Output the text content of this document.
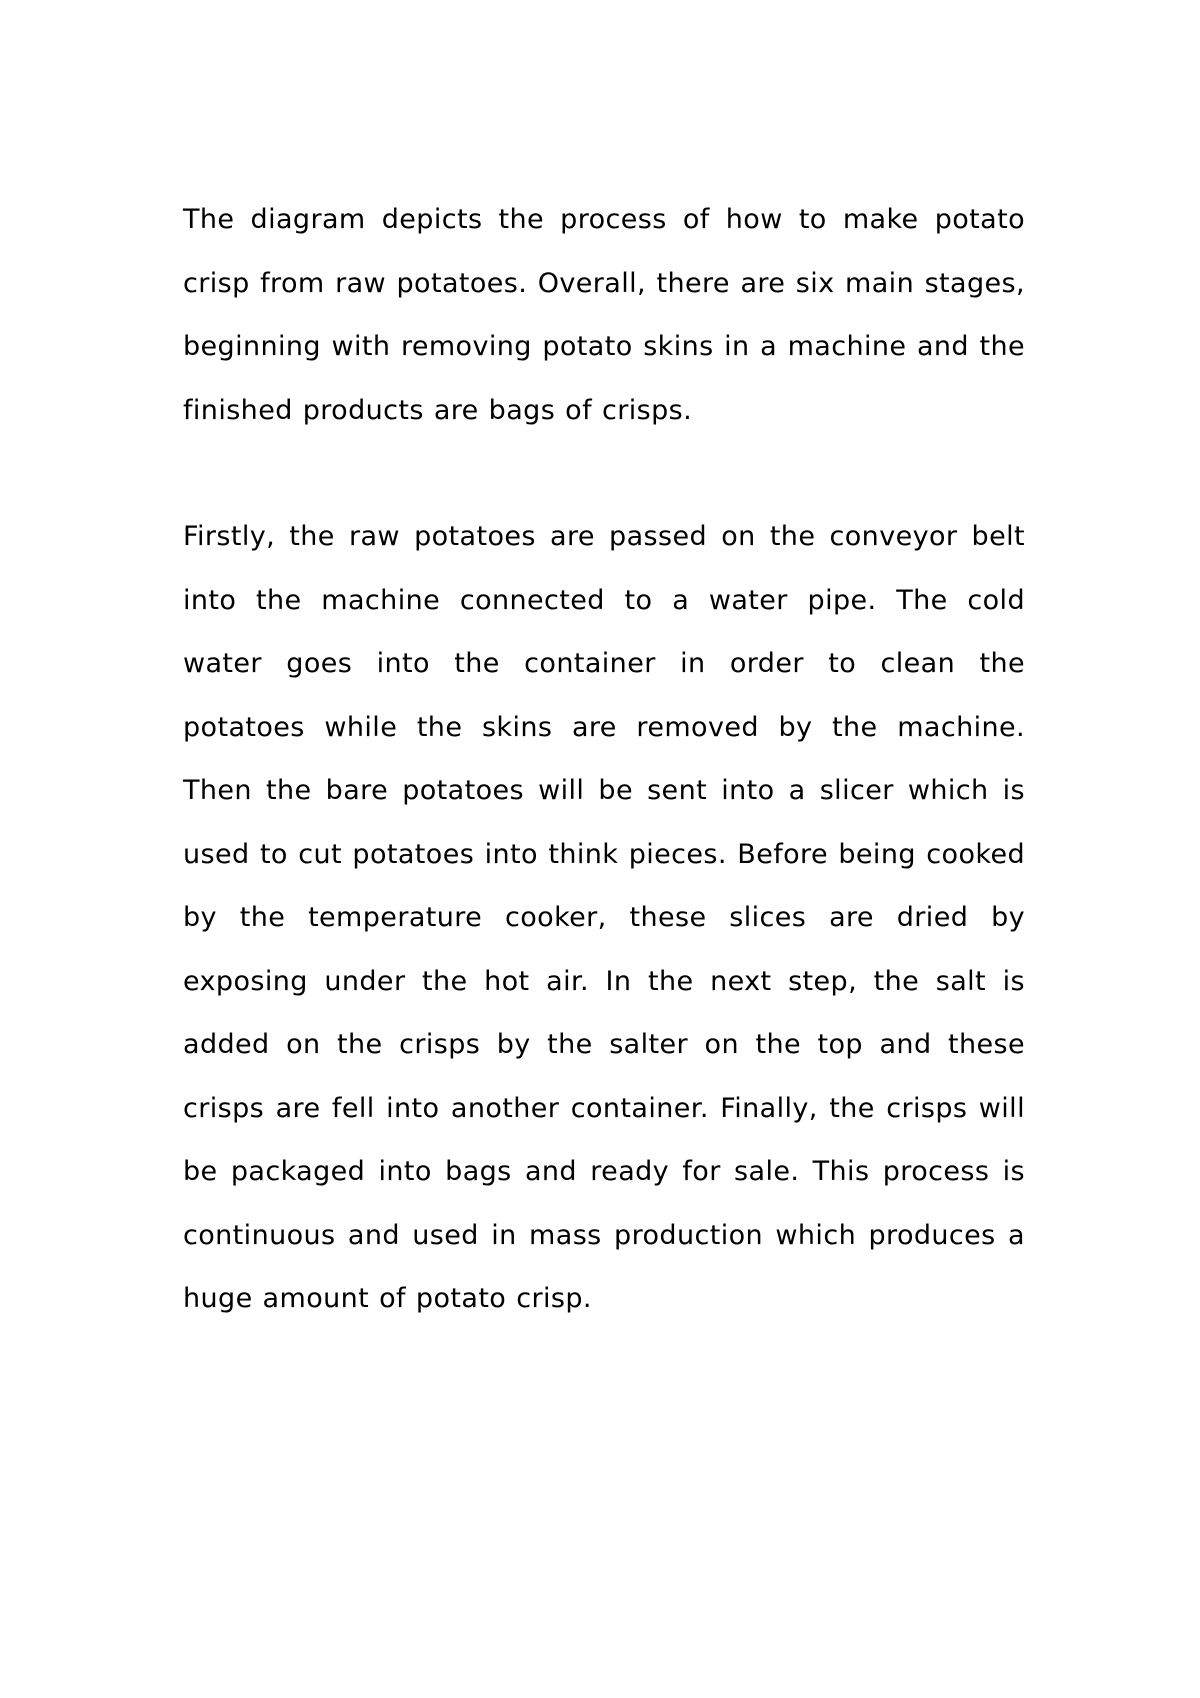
The diagram depicts the process of how to make potato crisp from raw potatoes. Overall, there are six main stages, beginning with removing potato skins in a machine and the finished products are bags of crisps.

Firstly, the raw potatoes are passed on the conveyor belt into the machine connected to a water pipe. The cold water goes into the container in order to clean the potatoes while the skins are removed by the machine. Then the bare potatoes will be sent into a slicer which is used to cut potatoes into think pieces. Before being cooked by the temperature cooker, these slices are dried by exposing under the hot air. In the next step, the salt is added on the crisps by the salter on the top and these crisps are fell into another container. Finally, the crisps will be packaged into bags and ready for sale. This process is continuous and used in mass production which produces a huge amount of potato crisp.
